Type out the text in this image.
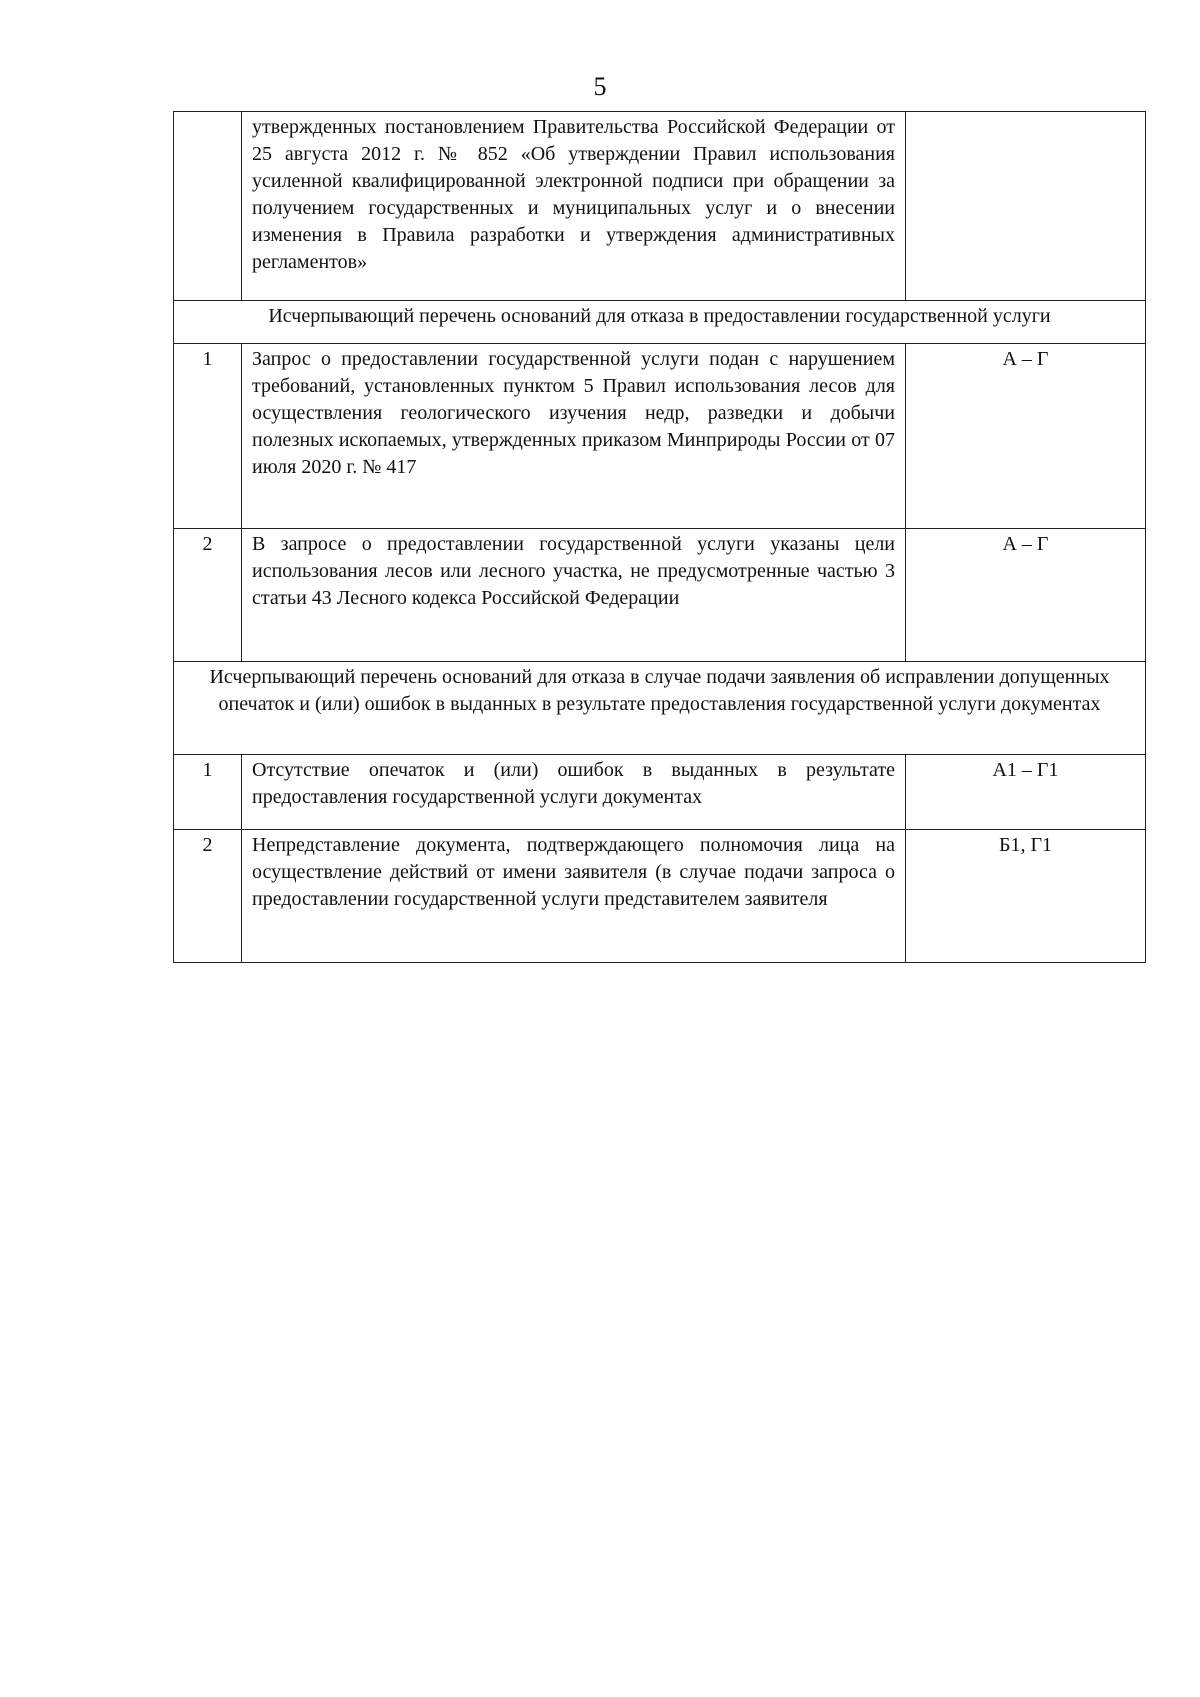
5
	утвержденных постановлением Правительства Российской Федерации от 25 августа 2012 г. № 852 «Об утверждении Правил использования усиленной квалифицированной электронной подписи при обращении за получением государственных и муниципальных услуг и о внесении изменения в Правила разработки и утверждения административных регламентов»	
Исчерпывающий перечень оснований для отказа в предоставлении государственной услуги		
1	Запрос о предоставлении государственной услуги подан с нарушением требований, установленных пунктом 5 Правил использования лесов для осуществления геологического изучения недр, разведки и добычи полезных ископаемых, утвержденных приказом Минприроды России от 07 июля 2020 г. № 417	А – Г
2	В запросе о предоставлении государственной услуги указаны цели использования лесов или лесного участка, не предусмотренные частью 3 статьи 43 Лесного кодекса Российской Федерации	А – Г
Исчерпывающий перечень оснований для отказа в случае подачи заявления об исправлении допущенных опечаток и (или) ошибок в выданных в результате предоставления государственной услуги документах		
1	Отсутствие опечаток и (или) ошибок в выданных в результате предоставления государственной услуги документах	А1 – Г1
2	Непредставление документа, подтверждающего полномочия лица на осуществление действий от имени заявителя (в случае подачи запроса о предоставлении государственной услуги представителем заявителя	Б1, Г1
